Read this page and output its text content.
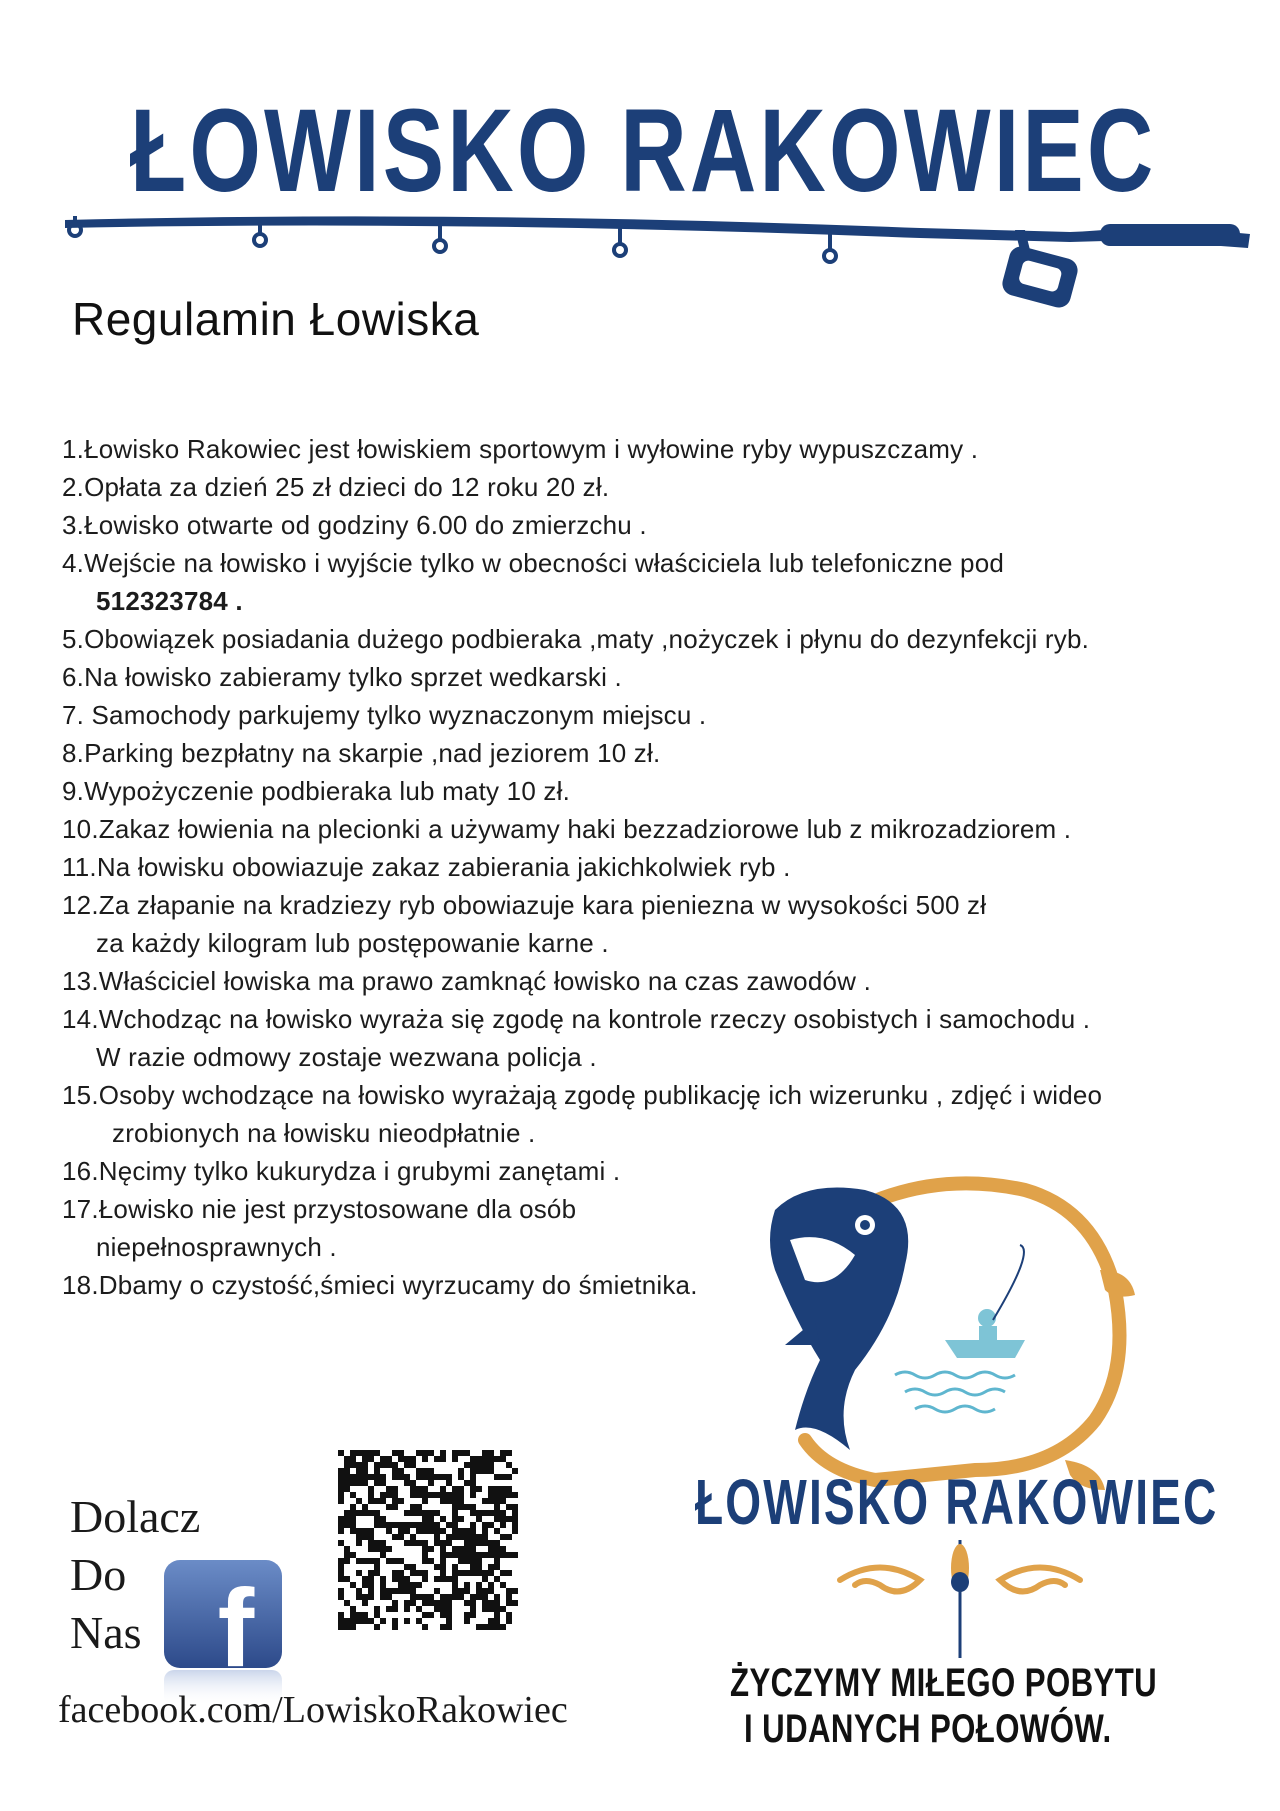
ŁOWISKO RAKOWIEC
Regulamin Łowiska

1.Łowisko Rakowiec jest łowiskiem sportowym i wyłowine ryby wypuszczamy .

2.Opłata za dzień 25 zł dzieci do 12 roku 20 zł.

3.Łowisko otwarte od godziny 6.00 do zmierzchu .

4.Wejście na łowisko i wyjście tylko w obecności właściciela lub telefoniczne pod
512323784 .

5.Obowiązek posiadania dużego podbieraka ,maty ,nożyczek i płynu do dezynfekcji ryb.

6.Na łowisko zabieramy tylko sprzet wedkarski .

7. Samochody parkujemy tylko wyznaczonym miejscu .

8.Parking bezpłatny na skarpie ,nad jeziorem 10 zł.

9.Wypożyczenie podbieraka lub maty 10 zł.

10.Zakaz łowienia na plecionki a używamy haki bezzadziorowe lub z mikrozadziorem .

11.Na łowisku obowiazuje zakaz zabierania jakichkolwiek ryb .

12.Za złapanie na kradziezy ryb obowiazuje kara pieniezna w wysokości 500 zł
za każdy kilogram lub postępowanie karne .

13.Właściciel łowiska ma prawo zamknąć łowisko na czas zawodów .

14.Wchodząc na łowisko wyraża się zgodę na kontrole rzeczy osobistych i samochodu .
W razie odmowy zostaje wezwana policja .

15.Osoby wchodzące na łowisko wyrażają zgodę publikację ich wizerunku , zdjęć i wideo
zrobionych na łowisku nieodpłatnie .

16.Nęcimy tylko kukurydza i grubymi zanętami .

17.Łowisko nie jest przystosowane dla osób
niepełnosprawnych .

18.Dbamy o czystość,śmieci wyrzucamy do śmietnika.

ŁOWISKO RAKOWIEC
ŻYCZYMY MIŁEGO POBYTU
I UDANYCH POŁOWÓW.
Dolacz
Do
Nas f
facebook.com/LowiskoRakowiec
